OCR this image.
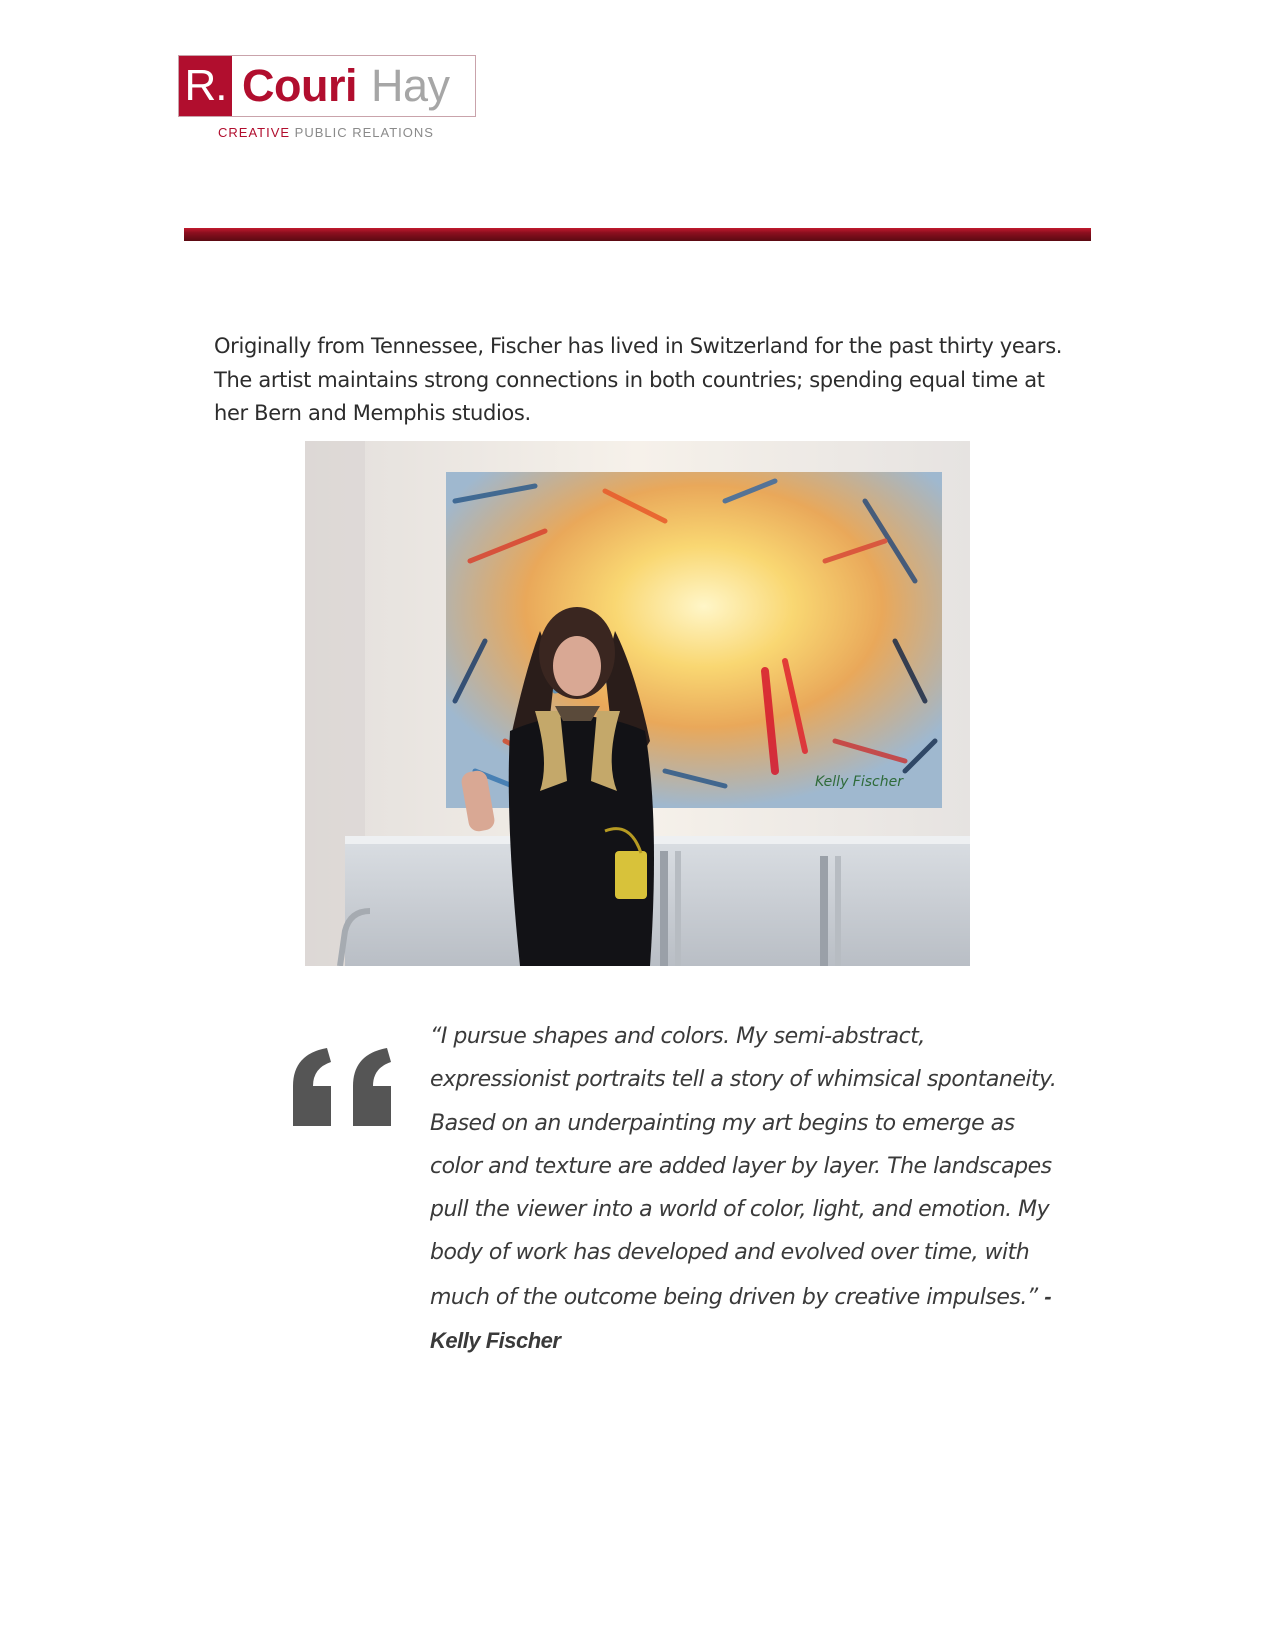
R. Couri Hay
CREATIVE PUBLIC RELATIONS

Originally from Tennessee, Fischer has lived in Switzerland for the past thirty years. The artist maintains strong connections in both countries; spending equal time at her Bern and Memphis studios.

Kelly Fischer

“I pursue shapes and colors. My semi-abstract, expressionist portraits tell a story of whimsical spontaneity. Based on an underpainting my art begins to emerge as color and texture are added layer by layer. The landscapes pull the viewer into a world of color, light, and emotion. My body of work has developed and evolved over time, with much of the outcome being driven by creative impulses.” -Kelly Fischer
